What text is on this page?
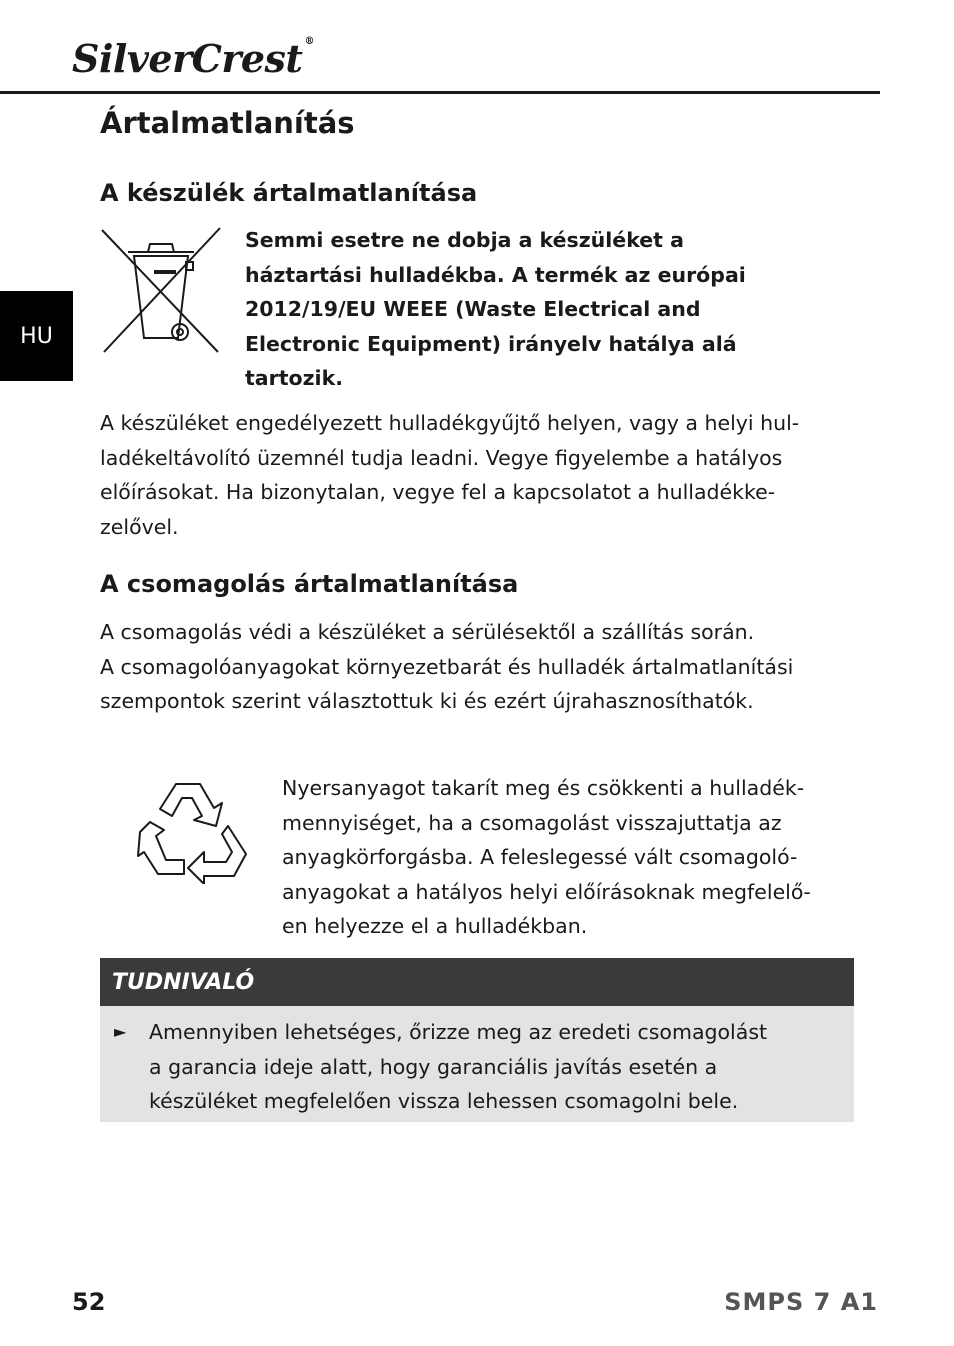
SilverCrest ®
HU
Ártalmatlanítás
A készülék ártalmatlanítása
Semmi esetre ne dobja a készüléket a
háztartási hulladékba. A termék az európai
2012/19/EU WEEE (Waste Electrical and
Electronic Equipment) irányelv hatálya alá
tartozik.
A készüléket engedélyezett hulladékgyűjtő helyen, vagy a helyi hul-
ladékeltávolító üzemnél tudja leadni. Vegye figyelembe a hatályos
előírásokat. Ha bizonytalan, vegye fel a kapcsolatot a hulladékke-
zelővel.
A csomagolás ártalmatlanítása
A csomagolás védi a készüléket a sérülésektől a szállítás során.
A csomagolóanyagokat környezetbarát és hulladék ártalmatlanítási
szempontok szerint választottuk ki és ezért újrahasznosíthatók.
Nyersanyagot takarít meg és csökkenti a hulladék-
mennyiséget, ha a csomagolást visszajuttatja az
anyagkörforgásba. A feleslegessé vált csomagoló-
anyagokat a hatályos helyi előírásoknak megfelelő-
en helyezze el a hulladékban.
TUDNIVALÓ
► Amennyiben lehetséges, őrizze meg az eredeti csomagolást
a garancia ideje alatt, hogy garanciális javítás esetén a
készüléket megfelelően vissza lehessen csomagolni bele.
52	SMPS 7 A1
